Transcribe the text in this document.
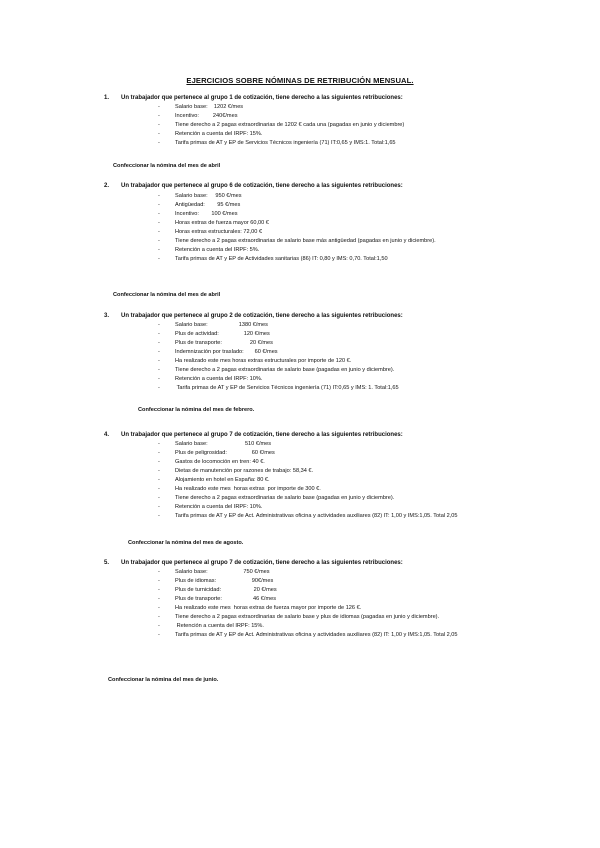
EJERCICIOS SOBRE NÓMINAS DE RETRIBUCIÓN MENSUAL.
1. Un trabajador que pertenece al grupo 1 de cotización, tiene derecho a las siguientes retribuciones:
-	Salario base:    1202 €/mes
-	Incentivo:         240€/mes
-	Tiene derecho a 2 pagas extraordinarias de 1202 € cada una (pagadas en junio y diciembre)
-	Retención a cuenta del IRPF: 15%.
-	Tarifa primas de AT y EP de Servicios Técnicos ingeniería (71) IT:0,65 y IMS:1. Total:1,65
Confeccionar la nómina del mes de abril
2. Un trabajador que pertenece al grupo 6 de cotización, tiene derecho a las siguientes retribuciones:
-	Salario base:     950 €/mes
-	Antigüedad:        95 €/mes
-	Incentivo:        100 €/mes
-	Horas extras de fuerza mayor 60,00 €
-	Horas extras estructurales: 72,00 €
-	Tiene derecho a 2 pagas extraordinarias de salario base más antigüedad (pagadas en junio y diciembre).
-	Retención a cuenta del IRPF: 5%.
-	Tarifa primas de AT y EP de Actividades sanitarias (86) IT: 0,80 y IMS: 0,70. Total:1,50
Confeccionar la nómina del mes de abril
3. Un trabajador que pertenece al grupo 2 de cotización, tiene derecho a las siguientes retribuciones:
-	Salario base:                    1380 €/mes
-	Plus de actividad:                120 €/mes
-	Plus de transporte:                  20 €/mes
-	Indemnización por traslado:       60 €/mes
-	Ha realizado este mes horas extras estructurales por importe de 120 €.
-	Tiene derecho a 2 pagas extraordinarias de salario base (pagadas en junio y diciembre).
-	Retención a cuenta del IRPF: 10%.
-	Tarifa primas de AT y EP de Servicios Técnicos ingeniería (71) IT:0,65 y IMS: 1. Total:1,65
Confeccionar la nómina del mes de febrero.
4. Un trabajador que pertenece al grupo 7 de cotización, tiene derecho a las siguientes retribuciones:
-	Salario base:                        510 €/mes
-	Plus de peligrosidad:                60 €/mes
-	Gastos de locomoción en tren: 40 €.
-	Dietas de manutención por razones de trabajo: 58,34 €.
-	Alojamiento en hotel en España: 80 €.
-	Ha realizado este mes  horas extras  por importe de 300 €.
-	Tiene derecho a 2 pagas extraordinarias de salario base (pagadas en junio y diciembre).
-	Retención a cuenta del IRPF: 10%.
-	Tarifa primas de AT y EP de Act. Administrativas oficina y actividades auxiliares (82) IT: 1,00 y IMS:1,05. Total 2,05
Confeccionar la nómina del mes de agosto.
5. Un trabajador que pertenece al grupo 7 de cotización, tiene derecho a las siguientes retribuciones:
-	Salario base:                       750 €/mes
-	Plus de idiomas:                       90€/mes
-	Plus de turnicidad:                     20 €/mes
-	Plus de transporte:                    46 €/mes
-	Ha realizado este mes  horas extras de fuerza mayor por importe de 126 €.
-	Tiene derecho a 2 pagas extraordinarias de salario base y plus de idiomas (pagadas en junio y diciembre).
-	Retención a cuenta del IRPF: 15%.
-	Tarifa primas de AT y EP de Act. Administrativas oficina y actividades auxiliares (82) IT: 1,00 y IMS:1,05. Total 2,05
Confeccionar la nómina del mes de junio.
